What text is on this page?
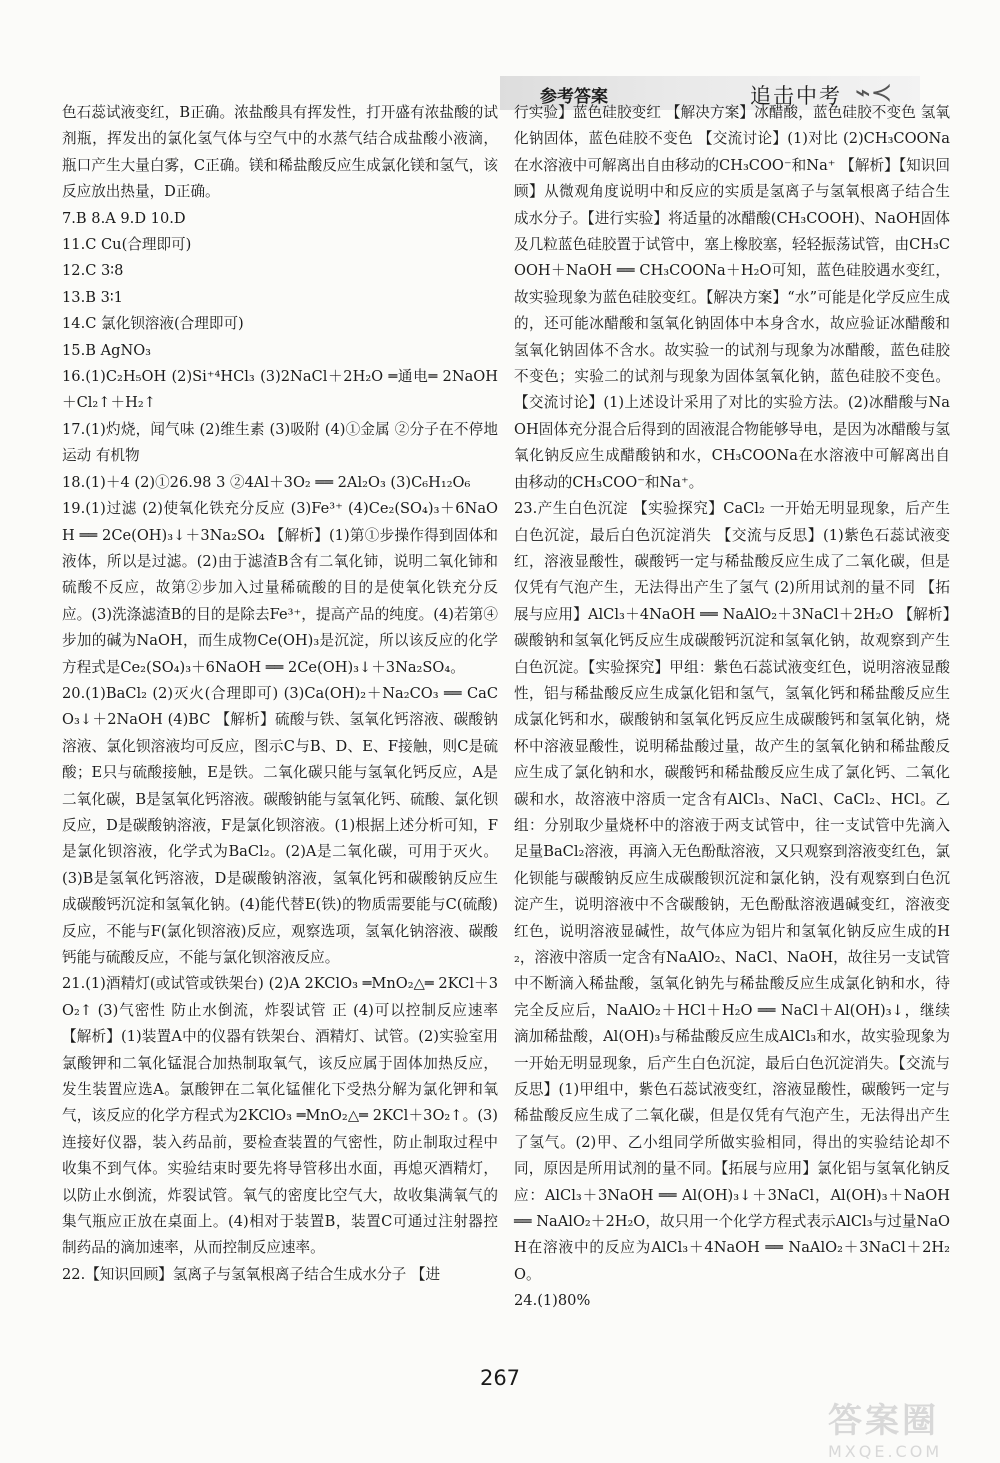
参考答案	追击中考 ⌁≺

色石蕊试液变红，B正确。浓盐酸具有挥发性，打开盛有浓盐酸的试剂瓶，挥发出的氯化氢气体与空气中的水蒸气结合成盐酸小液滴，瓶口产生大量白雾，C正确。镁和稀盐酸反应生成氯化镁和氢气，该反应放出热量，D正确。

7.B 8.A 9.D 10.D

11.C Cu(合理即可)

12.C 3∶8

13.B 3∶1

14.C 氯化钡溶液(合理即可)

15.B AgNO₃

16.(1)C₂H₅OH (2)Si⁺⁴HCl₃ (3)2NaCl＋2H₂O ═通电═ 2NaOH＋Cl₂↑＋H₂↑

17.(1)灼烧，闻气味 (2)维生素 (3)吸附 (4)①金属 ②分子在不停地运动 有机物

18.(1)＋4 (2)①26.98 3 ②4Al＋3O₂ ══ 2Al₂O₃ (3)C₆H₁₂O₆

19.(1)过滤 (2)使氧化铁充分反应 (3)Fe³⁺ (4)Ce₂(SO₄)₃＋6NaOH ══ 2Ce(OH)₃↓＋3Na₂SO₄ 【解析】(1)第①步操作得到固体和液体，所以是过滤。(2)由于滤渣B含有二氧化铈，说明二氧化铈和硫酸不反应，故第②步加入过量稀硫酸的目的是使氧化铁充分反应。(3)洗涤滤渣B的目的是除去Fe³⁺，提高产品的纯度。(4)若第④步加的碱为NaOH，而生成物Ce(OH)₃是沉淀，所以该反应的化学方程式是Ce₂(SO₄)₃＋6NaOH ══ 2Ce(OH)₃↓＋3Na₂SO₄。

20.(1)BaCl₂ (2)灭火(合理即可) (3)Ca(OH)₂＋Na₂CO₃ ══ CaCO₃↓＋2NaOH (4)BC 【解析】硫酸与铁、氢氧化钙溶液、碳酸钠溶液、氯化钡溶液均可反应，图示C与B、D、E、F接触，则C是硫酸；E只与硫酸接触，E是铁。二氧化碳只能与氢氧化钙反应，A是二氧化碳，B是氢氧化钙溶液。碳酸钠能与氢氧化钙、硫酸、氯化钡反应，D是碳酸钠溶液，F是氯化钡溶液。(1)根据上述分析可知，F是氯化钡溶液，化学式为BaCl₂。(2)A是二氧化碳，可用于灭火。(3)B是氢氧化钙溶液，D是碳酸钠溶液，氢氧化钙和碳酸钠反应生成碳酸钙沉淀和氢氧化钠。(4)能代替E(铁)的物质需要能与C(硫酸)反应，不能与F(氯化钡溶液)反应，观察选项，氢氧化钠溶液、碳酸钙能与硫酸反应，不能与氯化钡溶液反应。

21.(1)酒精灯(或试管或铁架台) (2)A 2KClO₃ ═MnO₂△═ 2KCl＋3O₂↑ (3)气密性 防止水倒流，炸裂试管 正 (4)可以控制反应速率 【解析】(1)装置A中的仪器有铁架台、酒精灯、试管。(2)实验室用氯酸钾和二氧化锰混合加热制取氧气，该反应属于固体加热反应，发生装置应选A。氯酸钾在二氧化锰催化下受热分解为氯化钾和氧气，该反应的化学方程式为2KClO₃ ═MnO₂△═ 2KCl＋3O₂↑。(3)连接好仪器，装入药品前，要检查装置的气密性，防止制取过程中收集不到气体。实验结束时要先将导管移出水面，再熄灭酒精灯，以防止水倒流，炸裂试管。氧气的密度比空气大，故收集满氧气的集气瓶应正放在桌面上。(4)相对于装置B，装置C可通过注射器控制药品的滴加速率，从而控制反应速率。

22.【知识回顾】氢离子与氢氧根离子结合生成水分子 【进

行实验】蓝色硅胶变红 【解决方案】冰醋酸，蓝色硅胶不变色 氢氧化钠固体，蓝色硅胶不变色 【交流讨论】(1)对比 (2)CH₃COONa在水溶液中可解离出自由移动的CH₃COO⁻和Na⁺ 【解析】【知识回顾】从微观角度说明中和反应的实质是氢离子与氢氧根离子结合生成水分子。【进行实验】将适量的冰醋酸(CH₃COOH)、NaOH固体及几粒蓝色硅胶置于试管中，塞上橡胶塞，轻轻振荡试管，由CH₃COOH＋NaOH ══ CH₃COONa＋H₂O可知，蓝色硅胶遇水变红，故实验现象为蓝色硅胶变红。【解决方案】“水”可能是化学反应生成的，还可能冰醋酸和氢氧化钠固体中本身含水，故应验证冰醋酸和氢氧化钠固体不含水。故实验一的试剂与现象为冰醋酸，蓝色硅胶不变色；实验二的试剂与现象为固体氢氧化钠，蓝色硅胶不变色。【交流讨论】(1)上述设计采用了对比的实验方法。(2)冰醋酸与NaOH固体充分混合后得到的固液混合物能够导电，是因为冰醋酸与氢氧化钠反应生成醋酸钠和水，CH₃COONa在水溶液中可解离出自由移动的CH₃COO⁻和Na⁺。

23.产生白色沉淀 【实验探究】CaCl₂ 一开始无明显现象，后产生白色沉淀，最后白色沉淀消失 【交流与反思】(1)紫色石蕊试液变红，溶液显酸性，碳酸钙一定与稀盐酸反应生成了二氧化碳，但是仅凭有气泡产生，无法得出产生了氢气 (2)所用试剂的量不同 【拓展与应用】AlCl₃＋4NaOH ══ NaAlO₂＋3NaCl＋2H₂O 【解析】碳酸钠和氢氧化钙反应生成碳酸钙沉淀和氢氧化钠，故观察到产生白色沉淀。【实验探究】甲组：紫色石蕊试液变红色，说明溶液显酸性，铝与稀盐酸反应生成氯化铝和氢气，氢氧化钙和稀盐酸反应生成氯化钙和水，碳酸钠和氢氧化钙反应生成碳酸钙和氢氧化钠，烧杯中溶液显酸性，说明稀盐酸过量，故产生的氢氧化钠和稀盐酸反应生成了氯化钠和水，碳酸钙和稀盐酸反应生成了氯化钙、二氧化碳和水，故溶液中溶质一定含有AlCl₃、NaCl、CaCl₂、HCl。乙组：分别取少量烧杯中的溶液于两支试管中，往一支试管中先滴入足量BaCl₂溶液，再滴入无色酚酞溶液，又只观察到溶液变红色，氯化钡能与碳酸钠反应生成碳酸钡沉淀和氯化钠，没有观察到白色沉淀产生，说明溶液中不含碳酸钠，无色酚酞溶液遇碱变红，溶液变红色，说明溶液显碱性，故气体应为铝片和氢氧化钠反应生成的H₂，溶液中溶质一定含有NaAlO₂、NaCl、NaOH，故往另一支试管中不断滴入稀盐酸，氢氧化钠先与稀盐酸反应生成氯化钠和水，待完全反应后，NaAlO₂＋HCl＋H₂O ══ NaCl＋Al(OH)₃↓，继续滴加稀盐酸，Al(OH)₃与稀盐酸反应生成AlCl₃和水，故实验现象为一开始无明显现象，后产生白色沉淀，最后白色沉淀消失。【交流与反思】(1)甲组中，紫色石蕊试液变红，溶液显酸性，碳酸钙一定与稀盐酸反应生成了二氧化碳，但是仅凭有气泡产生，无法得出产生了氢气。(2)甲、乙小组同学所做实验相同，得出的实验结论却不同，原因是所用试剂的量不同。【拓展与应用】氯化铝与氢氧化钠反应：AlCl₃＋3NaOH ══ Al(OH)₃↓＋3NaCl，Al(OH)₃＋NaOH ══ NaAlO₂＋2H₂O，故只用一个化学方程式表示AlCl₃与过量NaOH在溶液中的反应为AlCl₃＋4NaOH ══ NaAlO₂＋3NaCl＋2H₂O。

24.(1)80%

267
答案圈
MXQE.COM
